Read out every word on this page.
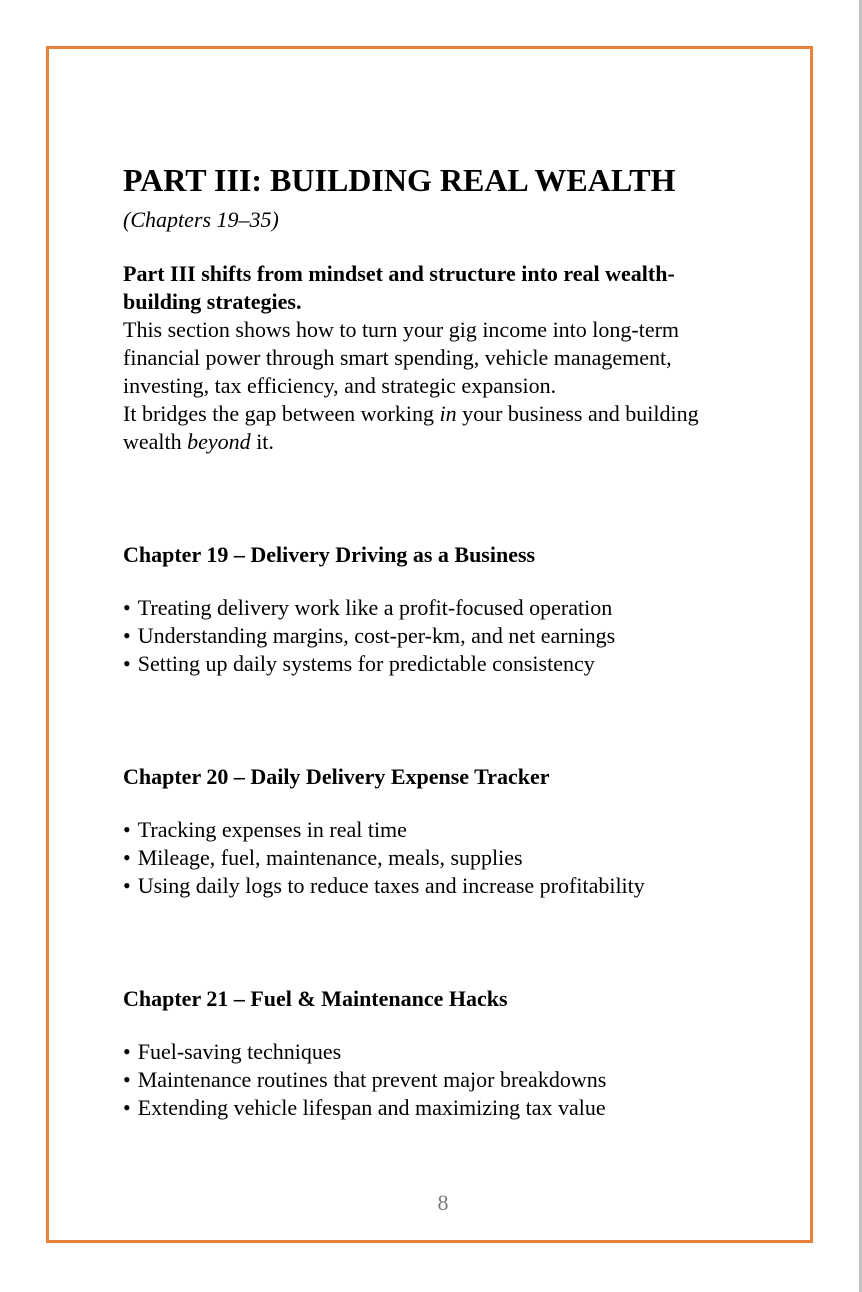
PART III: BUILDING REAL WEALTH
(Chapters 19–35)
Part III shifts from mindset and structure into real wealth-
building strategies.
This section shows how to turn your gig income into long-term
financial power through smart spending, vehicle management,
investing, tax efficiency, and strategic expansion.
It bridges the gap between working in your business and building
wealth beyond it.
Chapter 19 – Delivery Driving as a Business
• Treating delivery work like a profit-focused operation
• Understanding margins, cost-per-km, and net earnings
• Setting up daily systems for predictable consistency
Chapter 20 – Daily Delivery Expense Tracker
• Tracking expenses in real time
• Mileage, fuel, maintenance, meals, supplies
• Using daily logs to reduce taxes and increase profitability
Chapter 21 – Fuel & Maintenance Hacks
• Fuel-saving techniques
• Maintenance routines that prevent major breakdowns
• Extending vehicle lifespan and maximizing tax value
8
